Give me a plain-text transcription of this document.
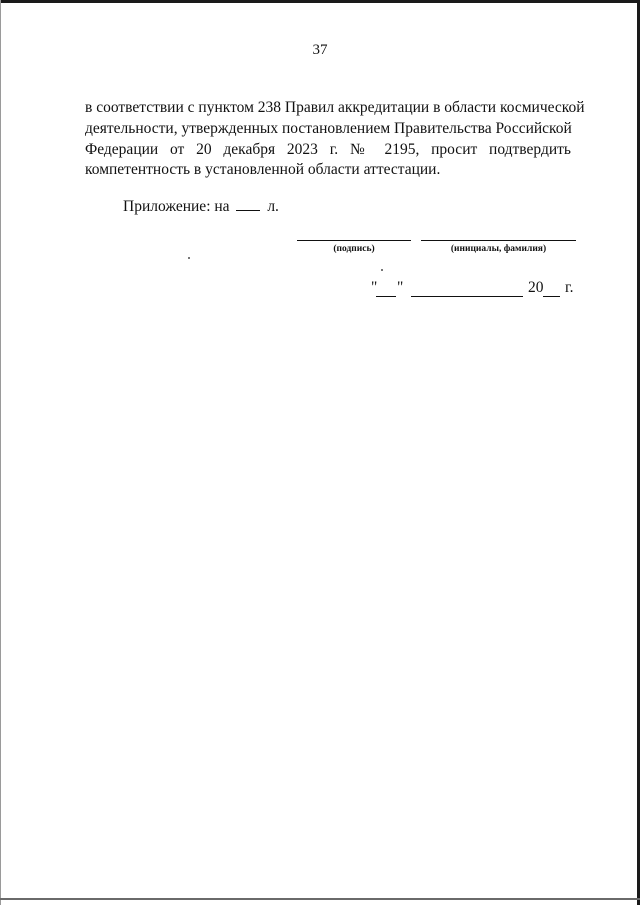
37
в соответствии с пунктом 238 Правил аккредитации в области космической
деятельности, утвержденных постановлением Правительства Российской
Федерации от 20 декабря 2023 г. № 2195, просит подтвердить
компетентность в установленной области аттестации.
Приложение: на л.
(подпись)	(инициалы, фамилия)
" "	20 г.
